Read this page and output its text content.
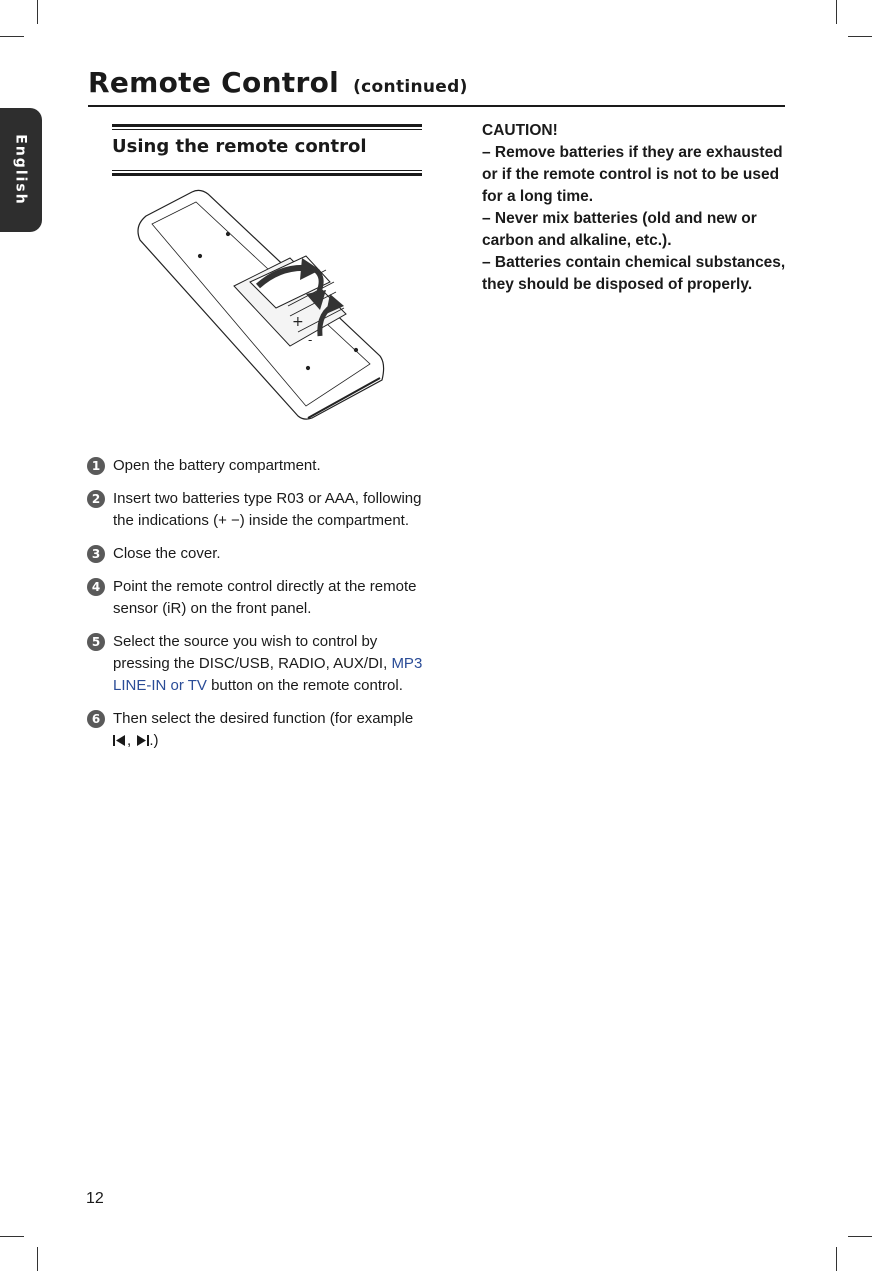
English
Remote Control (continued)
Using the remote control
+
-
1 Open the battery compartment.
2 Insert two batteries type R03 or AAA, following the indications (+ −) inside the compartment.
3 Close the cover.
4 Point the remote control directly at the remote sensor (iR) on the front panel.
5 Select the source you wish to control by pressing the DISC/USB, RADIO, AUX/DI, MP3 LINE-IN or TV button on the remote control.
6 Then select the desired function (for example , .)

CAUTION!

– Remove batteries if they are exhausted or if the remote control is not to be used for a long time.

– Never mix batteries (old and new or carbon and alkaline, etc.).

– Batteries contain chemical substances, they should be disposed of properly.

12
